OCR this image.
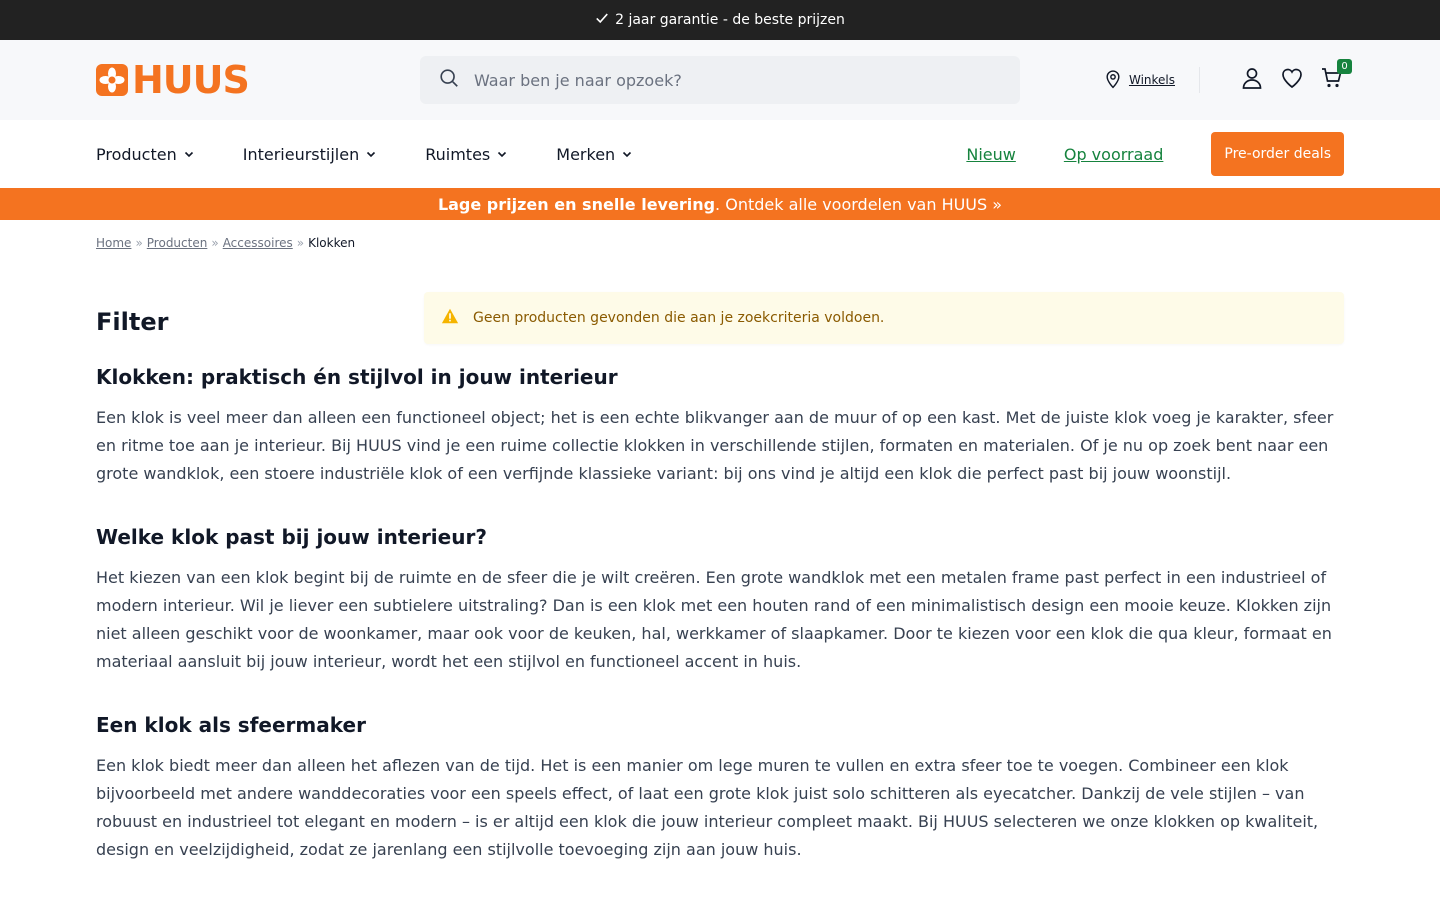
2 jaar garantie - de beste prijzen
HUUS
Waar ben je naar opzoek?	Winkels
0
Producten	Interieurstijlen	Ruimtes	Merken	Nieuw	Op voorraad	Pre-order deals
Lage prijzen en snelle levering . Ontdek alle voordelen van HUUS »
Home » Producten » Accessoires » Klokken
Filter	Geen producten gevonden die aan je zoekcriteria voldoen.
Klokken: praktisch én stijlvol in jouw interieur

Een klok is veel meer dan alleen een functioneel object; het is een echte blikvanger aan de muur of op een kast. Met de juiste klok voeg je karakter, sfeer en ritme toe aan je interieur. Bij HUUS vind je een ruime collectie klokken in verschillende stijlen, formaten en materialen. Of je nu op zoek bent naar een grote wandklok, een stoere industriële klok of een verfijnde klassieke variant: bij ons vind je altijd een klok die perfect past bij jouw woonstijl.

Welke klok past bij jouw interieur?

Het kiezen van een klok begint bij de ruimte en de sfeer die je wilt creëren. Een grote wandklok met een metalen frame past perfect in een industrieel of modern interieur. Wil je liever een subtielere uitstraling? Dan is een klok met een houten rand of een minimalistisch design een mooie keuze. Klokken zijn niet alleen geschikt voor de woonkamer, maar ook voor de keuken, hal, werkkamer of slaapkamer. Door te kiezen voor een klok die qua kleur, formaat en materiaal aansluit bij jouw interieur, wordt het een stijlvol en functioneel accent in huis.

Een klok als sfeermaker

Een klok biedt meer dan alleen het aflezen van de tijd. Het is een manier om lege muren te vullen en extra sfeer toe te voegen. Combineer een klok bijvoorbeeld met andere wanddecoraties voor een speels effect, of laat een grote klok juist solo schitteren als eyecatcher. Dankzij de vele stijlen – van robuust en industrieel tot elegant en modern – is er altijd een klok die jouw interieur compleet maakt. Bij HUUS selecteren we onze klokken op kwaliteit, design en veelzijdigheid, zodat ze jarenlang een stijlvolle toevoeging zijn aan jouw huis.
